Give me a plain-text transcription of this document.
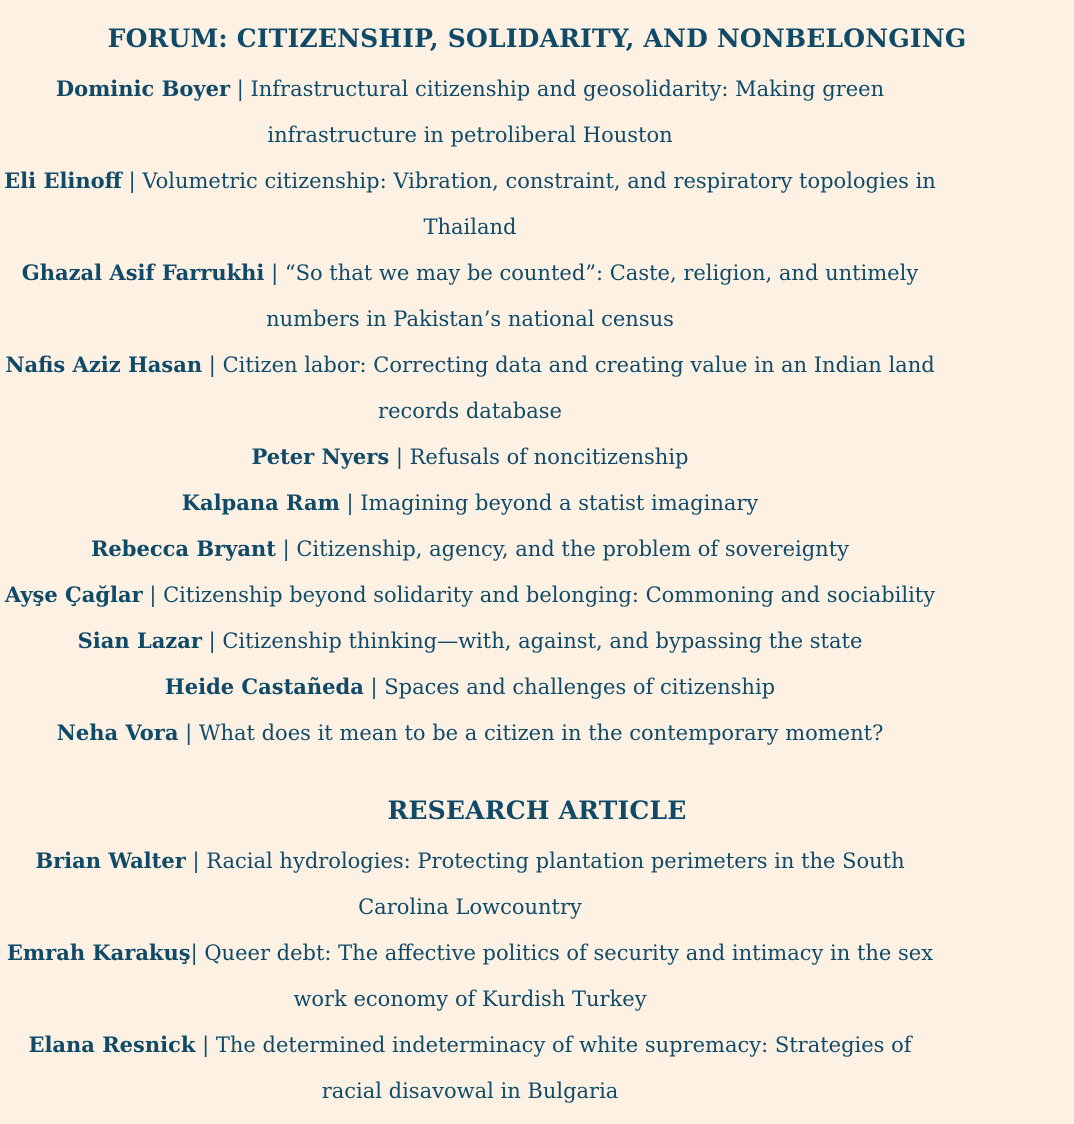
FORUM: CITIZENSHIP, SOLIDARITY, AND NONBELONGING

Dominic Boyer | Infrastructural citizenship and geosolidarity: Making green infrastructure in petroliberal Houston

Eli Elinoff | Volumetric citizenship: Vibration, constraint, and respiratory topologies in Thailand

Ghazal Asif Farrukhi | “So that we may be counted”: Caste, religion, and untimely numbers in Pakistan’s national census

Nafis Aziz Hasan | Citizen labor: Correcting data and creating value in an Indian land records database

Peter Nyers | Refusals of noncitizenship

Kalpana Ram | Imagining beyond a statist imaginary

Rebecca Bryant | Citizenship, agency, and the problem of sovereignty

Ayşe Çağlar | Citizenship beyond solidarity and belonging: Commoning and sociability

Sian Lazar | Citizenship thinking—with, against, and bypassing the state

Heide Castañeda | Spaces and challenges of citizenship

Neha Vora | What does it mean to be a citizen in the contemporary moment?

RESEARCH ARTICLE

Brian Walter | Racial hydrologies: Protecting plantation perimeters in the South Carolina Lowcountry

Emrah Karakuş| Queer debt: The affective politics of security and intimacy in the sex work economy of Kurdish Turkey

Elana Resnick | The determined indeterminacy of white supremacy: Strategies of racial disavowal in Bulgaria
